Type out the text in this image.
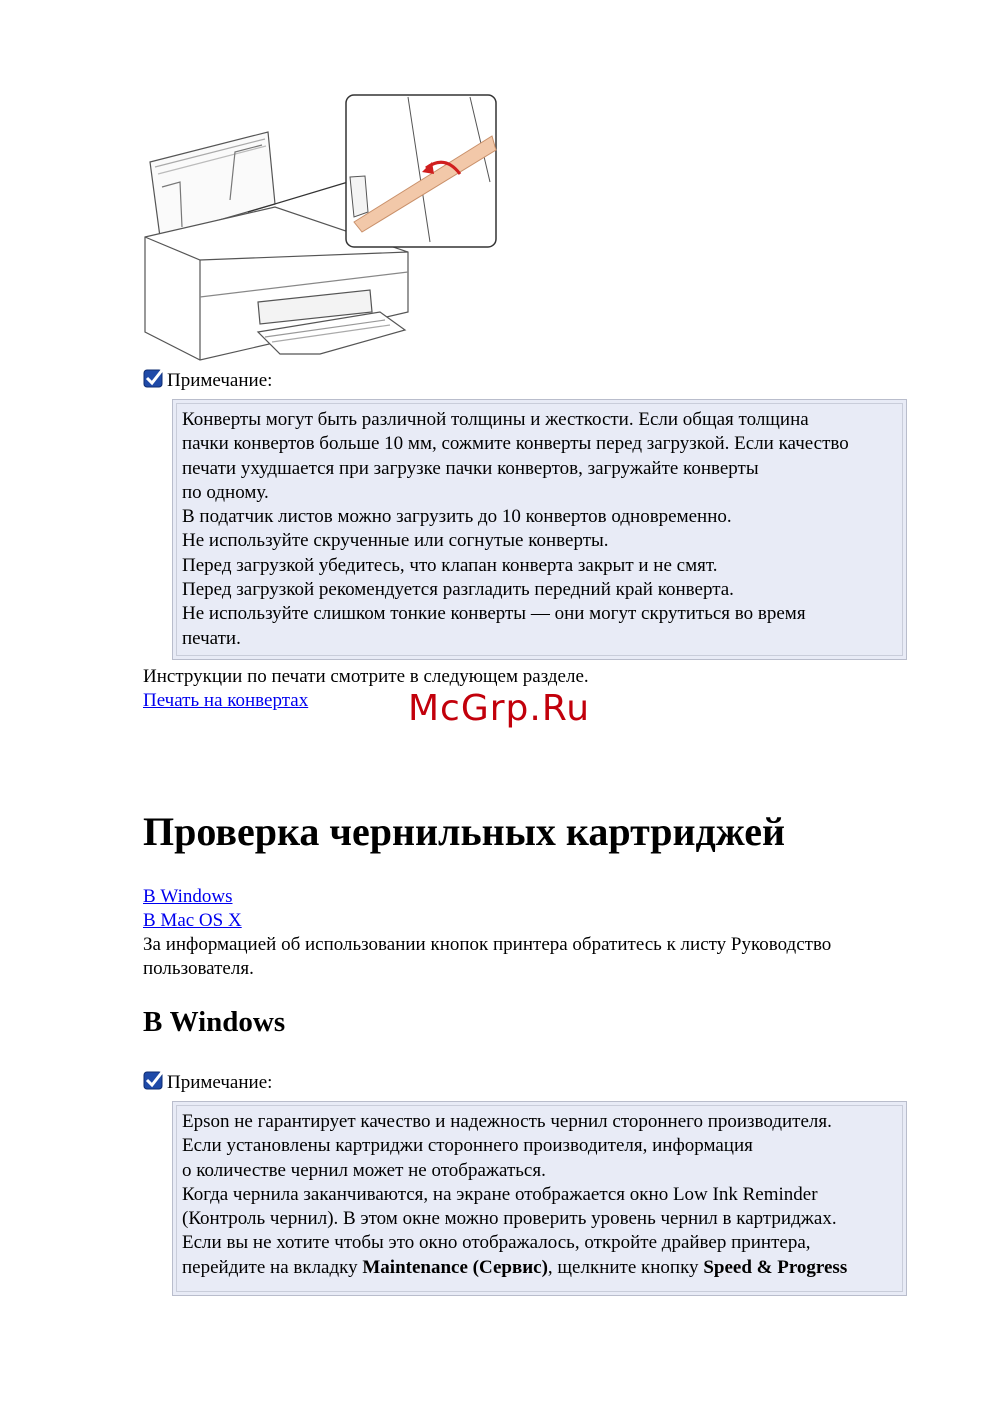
Примечание:

Конверты могут быть различной толщины и жесткости. Если общая толщина

пачки конвертов больше 10 мм, сожмите конверты перед загрузкой. Если качество

печати ухудшается при загрузке пачки конвертов, загружайте конверты

по одному.

В податчик листов можно загрузить до 10 конвертов одновременно.

Не используйте скрученные или согнутые конверты.

Перед загрузкой убедитесь, что клапан конверта закрыт и не смят.

Перед загрузкой рекомендуется разгладить передний край конверта.

Не используйте слишком тонкие конверты — они могут скрутиться во время

печати.

Инструкции по печати смотрите в следующем разделе.
Печать на конвертах	McGrp.Ru
Проверка чернильных картриджей
В Windows
В Mac OS X
За информацией об использовании кнопок принтера обратитесь к листу Руководство
пользователя.
В Windows
Примечание:

Epson не гарантирует качество и надежность чернил стороннего производителя.

Если установлены картриджи стороннего производителя, информация

о количестве чернил может не отображаться.

Когда чернила заканчиваются, на экране отображается окно Low Ink Reminder

(Контроль чернил). В этом окне можно проверить уровень чернил в картриджах.

Если вы не хотите чтобы это окно отображалось, откройте драйвер принтера,

перейдите на вкладку Maintenance (Сервис), щелкните кнопку Speed & Progress
